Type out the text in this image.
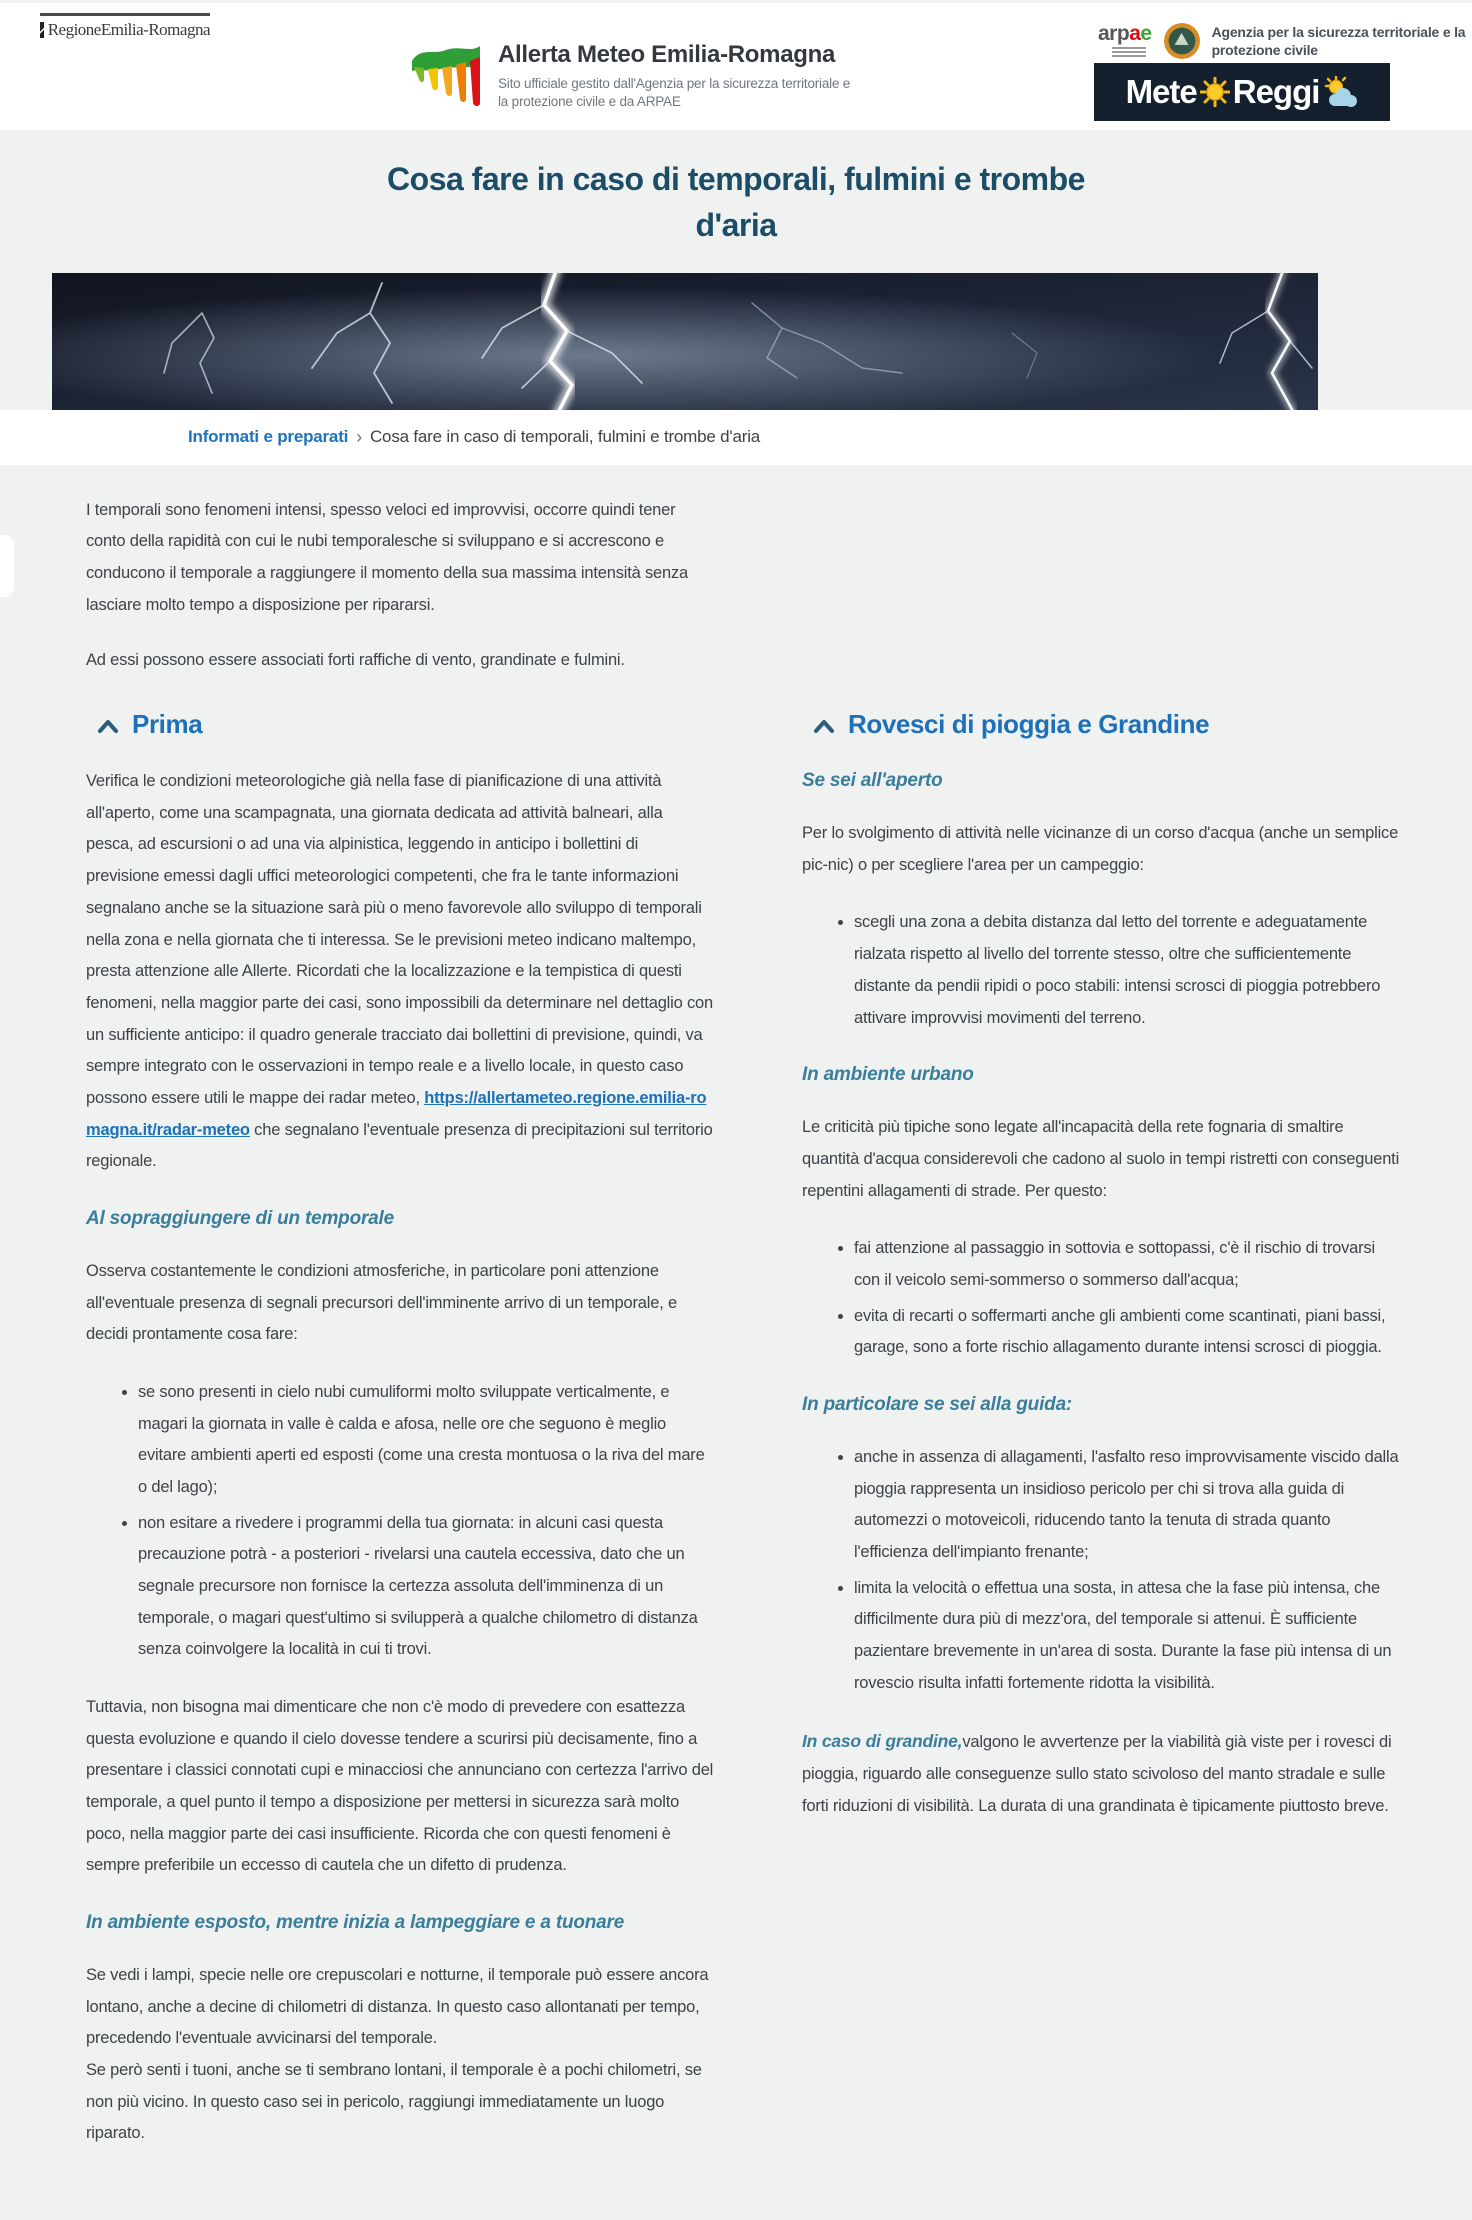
RegioneEmilia-Romagna
Allerta Meteo Emilia-Romagna
Sito ufficiale gestito dall'Agenzia per la sicurezza territoriale e la protezione civile e da ARPAE
arpae	Agenzia per la sicurezza territoriale e la protezione civile
Mete Reggi
Cosa fare in caso di temporali, fulmini e trombe d'aria
Informati e preparati › Cosa fare in caso di temporali, fulmini e trombe d'aria

I temporali sono fenomeni intensi, spesso veloci ed improvvisi, occorre quindi tener conto della rapidità con cui le nubi temporalesche si sviluppano e si accrescono e conducono il temporale a raggiungere il momento della sua massima intensità senza lasciare molto tempo a disposizione per ripararsi.

Ad essi possono essere associati forti raffiche di vento, grandinate e fulmini.

Prima

Verifica le condizioni meteorologiche già nella fase di pianificazione di una attività all'aperto, come una scampagnata, una giornata dedicata ad attività balneari, alla pesca, ad escursioni o ad una via alpinistica, leggendo in anticipo i bollettini di previsione emessi dagli uffici meteorologici competenti, che fra le tante informazioni segnalano anche se la situazione sarà più o meno favorevole allo sviluppo di temporali nella zona e nella giornata che ti interessa. Se le previsioni meteo indicano maltempo, presta attenzione alle Allerte. Ricordati che la localizzazione e la tempistica di questi fenomeni, nella maggior parte dei casi, sono impossibili da determinare nel dettaglio con un sufficiente anticipo: il quadro generale tracciato dai bollettini di previsione, quindi, va sempre integrato con le osservazioni in tempo reale e a livello locale, in questo caso possono essere utili le mappe dei radar meteo, https://allertameteo.regione.emilia-romagna.it/radar-meteo che segnalano l'eventuale presenza di precipitazioni sul territorio regionale.

Al sopraggiungere di un temporale

Osserva costantemente le condizioni atmosferiche, in particolare poni attenzione all'eventuale presenza di segnali precursori dell'imminente arrivo di un temporale, e decidi prontamente cosa fare:

• se sono presenti in cielo nubi cumuliformi molto sviluppate verticalmente, e magari la giornata in valle è calda e afosa, nelle ore che seguono è meglio evitare ambienti aperti ed esposti (come una cresta montuosa o la riva del mare o del lago);
• non esitare a rivedere i programmi della tua giornata: in alcuni casi questa precauzione potrà - a posteriori - rivelarsi una cautela eccessiva, dato che un segnale precursore non fornisce la certezza assoluta dell'imminenza di un temporale, o magari quest'ultimo si svilupperà a qualche chilometro di distanza senza coinvolgere la località in cui ti trovi.

Tuttavia, non bisogna mai dimenticare che non c'è modo di prevedere con esattezza questa evoluzione e quando il cielo dovesse tendere a scurirsi più decisamente, fino a presentare i classici connotati cupi e minacciosi che annunciano con certezza l'arrivo del temporale, a quel punto il tempo a disposizione per mettersi in sicurezza sarà molto poco, nella maggior parte dei casi insufficiente. Ricorda che con questi fenomeni è sempre preferibile un eccesso di cautela che un difetto di prudenza.

In ambiente esposto, mentre inizia a lampeggiare e a tuonare

Se vedi i lampi, specie nelle ore crepuscolari e notturne, il temporale può essere ancora lontano, anche a decine di chilometri di distanza. In questo caso allontanati per tempo, precedendo l'eventuale avvicinarsi del temporale.
Se però senti i tuoni, anche se ti sembrano lontani, il temporale è a pochi chilometri, se non più vicino. In questo caso sei in pericolo, raggiungi immediatamente un luogo riparato.

Rovesci di pioggia e Grandine
Se sei all'aperto

Per lo svolgimento di attività nelle vicinanze di un corso d'acqua (anche un semplice pic-nic) o per scegliere l'area per un campeggio:

• scegli una zona a debita distanza dal letto del torrente e adeguatamente rialzata rispetto al livello del torrente stesso, oltre che sufficientemente distante da pendii ripidi o poco stabili: intensi scrosci di pioggia potrebbero attivare improvvisi movimenti del terreno.
In ambiente urbano

Le criticità più tipiche sono legate all'incapacità della rete fognaria di smaltire quantità d'acqua considerevoli che cadono al suolo in tempi ristretti con conseguenti repentini allagamenti di strade. Per questo:

• fai attenzione al passaggio in sottovia e sottopassi, c'è il rischio di trovarsi con il veicolo semi-sommerso o sommerso dall'acqua;
• evita di recarti o soffermarti anche gli ambienti come scantinati, piani bassi, garage, sono a forte rischio allagamento durante intensi scrosci di pioggia.
In particolare se sei alla guida:
• anche in assenza di allagamenti, l'asfalto reso improvvisamente viscido dalla pioggia rappresenta un insidioso pericolo per chi si trova alla guida di automezzi o motoveicoli, riducendo tanto la tenuta di strada quanto l'efficienza dell'impianto frenante;
• limita la velocità o effettua una sosta, in attesa che la fase più intensa, che difficilmente dura più di mezz'ora, del temporale si attenui. È sufficiente pazientare brevemente in un'area di sosta. Durante la fase più intensa di un rovescio risulta infatti fortemente ridotta la visibilità.

In caso di grandine,valgono le avvertenze per la viabilità già viste per i rovesci di pioggia, riguardo alle conseguenze sullo stato scivoloso del manto stradale e sulle forti riduzioni di visibilità. La durata di una grandinata è tipicamente piuttosto breve.
